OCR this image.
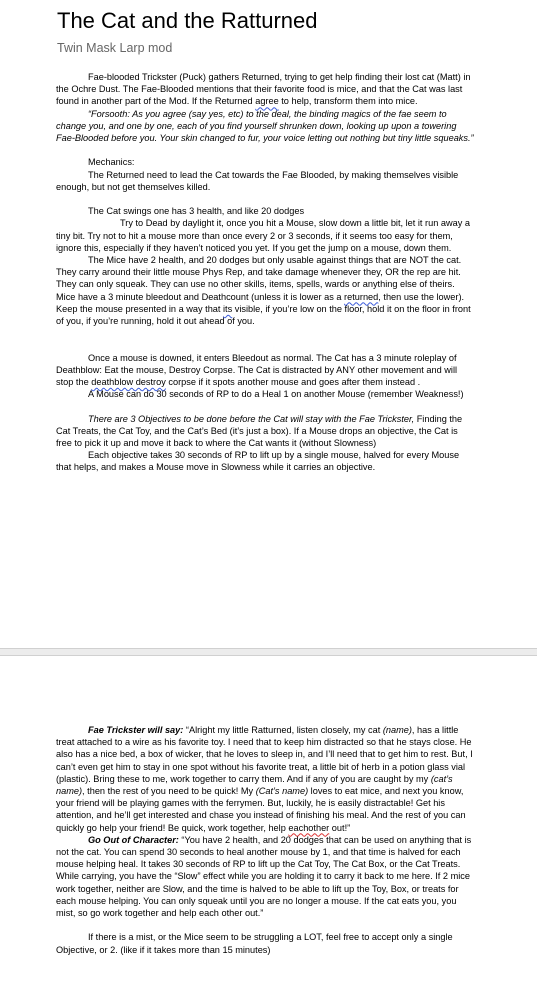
The Cat and the Ratturned
Twin Mask Larp mod

Fae-blooded Trickster (Puck) gathers Returned, trying to get help finding their lost cat (Matt) in the Ochre Dust. The Fae-Blooded mentions that their favorite food is mice, and that the Cat was last found in another part of the Mod. If the Returned agree to help, transform them into mice.

“Forsooth: As you agree (say yes, etc) to the deal, the binding magics of the fae seem to change you, and one by one, each of you find yourself shrunken down, looking up upon a towering Fae-Blooded before you. Your skin changed to fur, your voice letting out nothing but tiny little squeaks.”

Mechanics:

The Returned need to lead the Cat towards the Fae Blooded, by making themselves visible enough, but not get themselves killed.

The Cat swings one has 3 health, and like 20 dodges

Try to Dead by daylight it, once you hit a Mouse, slow down a little bit, let it run away a tiny bit. Try not to hit a mouse more than once every 2 or 3 seconds, if it seems too easy for them, ignore this, especially if they haven’t noticed you yet. If you get the jump on a mouse, down them.

The Mice have 2 health, and 20 dodges but only usable against things that are NOT the cat. They carry around their little mouse Phys Rep, and take damage whenever they, OR the rep are hit. They can only squeak. They can use no other skills, items, spells, wards or anything else of theirs. Mice have a 3 minute bleedout and Deathcount (unless it is lower as a returned, then use the lower). Keep the mouse presented in a way that its visible, if you’re low on the floor, hold it on the floor in front of you, if you’re running, hold it out ahead of you.

Once a mouse is downed, it enters Bleedout as normal. The Cat has a 3 minute roleplay of Deathblow: Eat the mouse, Destroy Corpse. The Cat is distracted by ANY other movement and will stop the deathblow destroy corpse if it spots another mouse and goes after them instead .

A Mouse can do 30 seconds of RP to do a Heal 1 on another Mouse (remember Weakness!)

There are 3 Objectives to be done before the Cat will stay with the Fae Trickster, Finding the Cat Treats, the Cat Toy, and the Cat’s Bed (it’s just a box). If a Mouse drops an objective, the Cat is free to pick it up and move it back to where the Cat wants it (without Slowness)

Each objective takes 30 seconds of RP to lift up by a single mouse, halved for every Mouse that helps, and makes a Mouse move in Slowness while it carries an objective.

Fae Trickster will say: “Alright my little Ratturned, listen closely, my cat (name), has a little treat attached to a wire as his favorite toy. I need that to keep him distracted so that he stays close. He also has a nice bed, a box of wicker, that he loves to sleep in, and I’ll need that to get him to rest. But, I can’t even get him to stay in one spot without his favorite treat, a little bit of herb in a potion glass vial (plastic). Bring these to me, work together to carry them. And if any of you are caught by my (cat’s name), then the rest of you need to be quick! My (Cat’s name) loves to eat mice, and next you know, your friend will be playing games with the ferrymen. But, luckily, he is easily distractable! Get his attention, and he’ll get interested and chase you instead of finishing his meal. And the rest of you can quickly go help your friend! Be quick, work together, help eachother out!”

Go Out of Character: “You have 2 health, and 20 dodges that can be used on anything that is not the cat. You can spend 30 seconds to heal another mouse by 1, and that time is halved for each mouse helping heal. It takes 30 seconds of RP to lift up the Cat Toy, The Cat Box, or the Cat Treats. While carrying, you have the “Slow” effect while you are holding it to carry it back to me here. If 2 mice work together, neither are Slow, and the time is halved to be able to lift up the Toy, Box, or treats for each mouse helping. You can only squeak until you are no longer a mouse. If the cat eats you, you mist, so go work together and help each other out.”

If there is a mist, or the Mice seem to be struggling a LOT, feel free to accept only a single Objective, or 2. (like if it takes more than 15 minutes)
